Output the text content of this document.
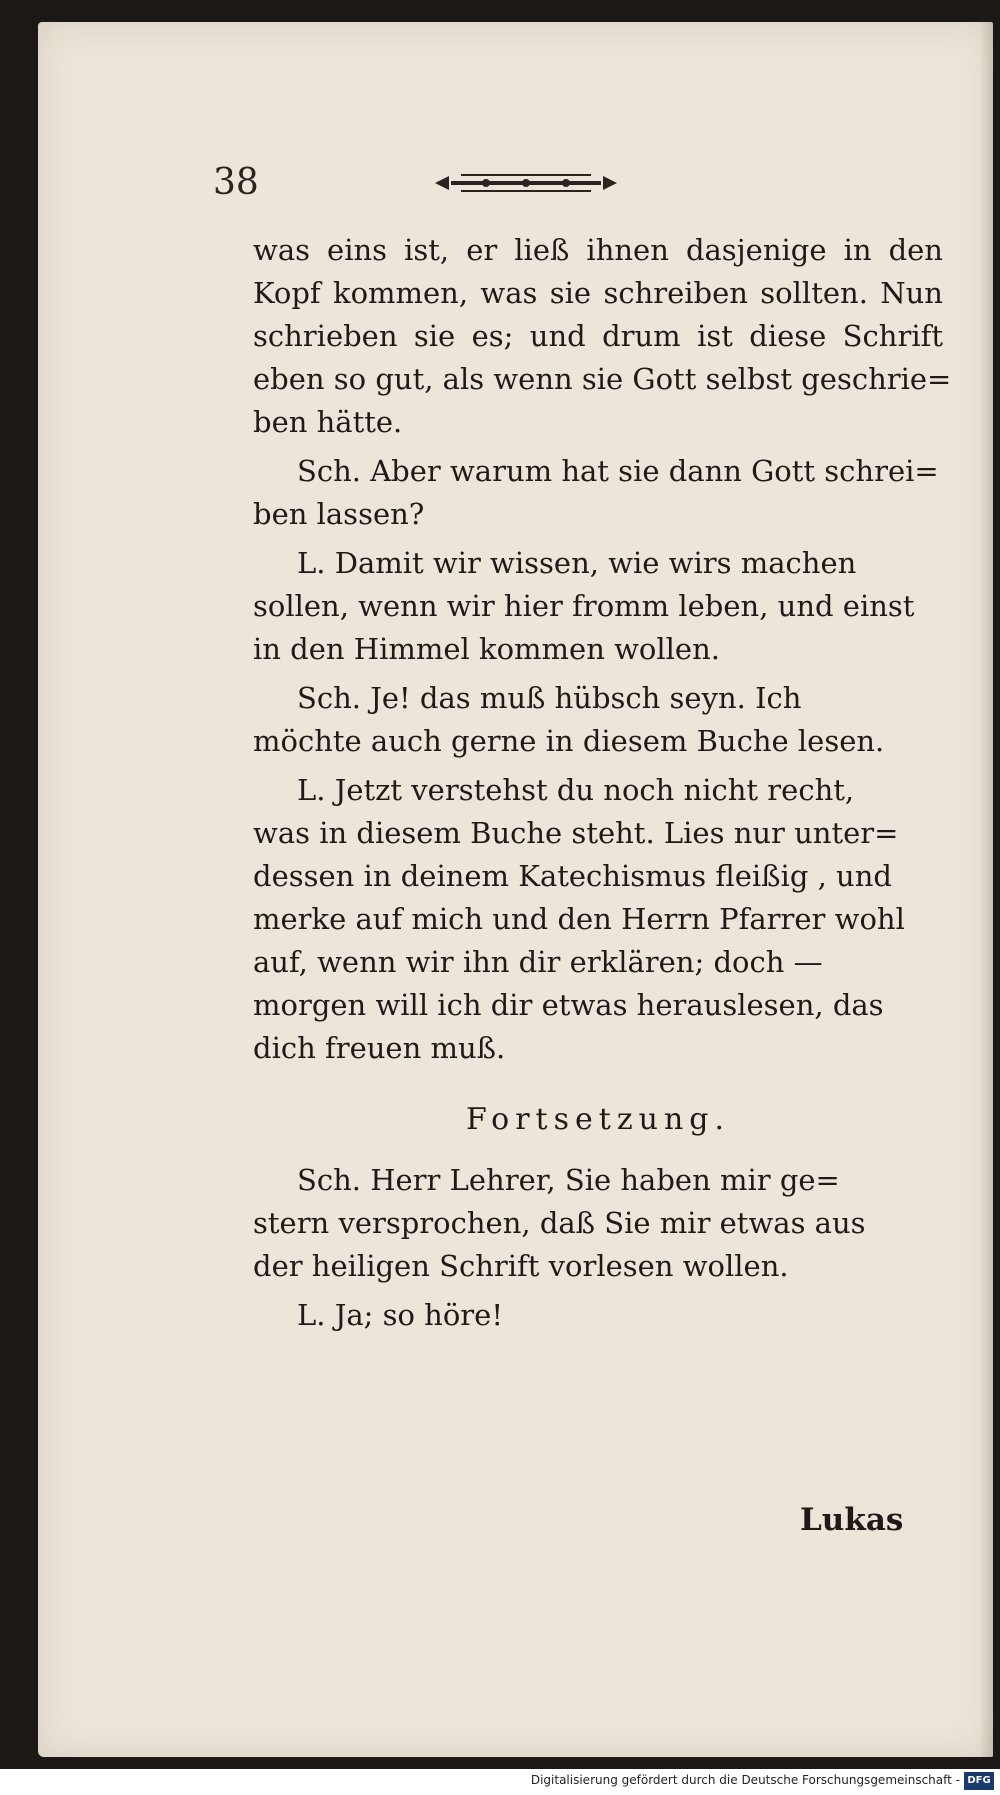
38
was eins ist, er ließ ihnen dasjenige in den
Kopf kommen, was sie schreiben sollten. Nun
schrieben sie es; und drum ist diese Schrift
eben so gut, als wenn sie Gott selbst geschrie=
ben hätte.
Sch. Aber warum hat sie dann Gott schrei=
ben lassen?
L. Damit wir wissen, wie wirs machen
sollen, wenn wir hier fromm leben, und einst
in den Himmel kommen wollen.
Sch. Je! das muß hübsch seyn. Ich
möchte auch gerne in diesem Buche lesen.
L. Jetzt verstehst du noch nicht recht,
was in diesem Buche steht. Lies nur unter=
dessen in deinem Katechismus fleißig , und
merke auf mich und den Herrn Pfarrer wohl
auf, wenn wir ihn dir erklären; doch —
morgen will ich dir etwas herauslesen, das
dich freuen muß.
Fortsetzung.
Sch. Herr Lehrer, Sie haben mir ge=
stern versprochen, daß Sie mir etwas aus
der heiligen Schrift vorlesen wollen.
L. Ja; so höre!
Lukas
Digitalisierung gefördert durch die Deutsche Forschungsgemeinschaft - DFG
